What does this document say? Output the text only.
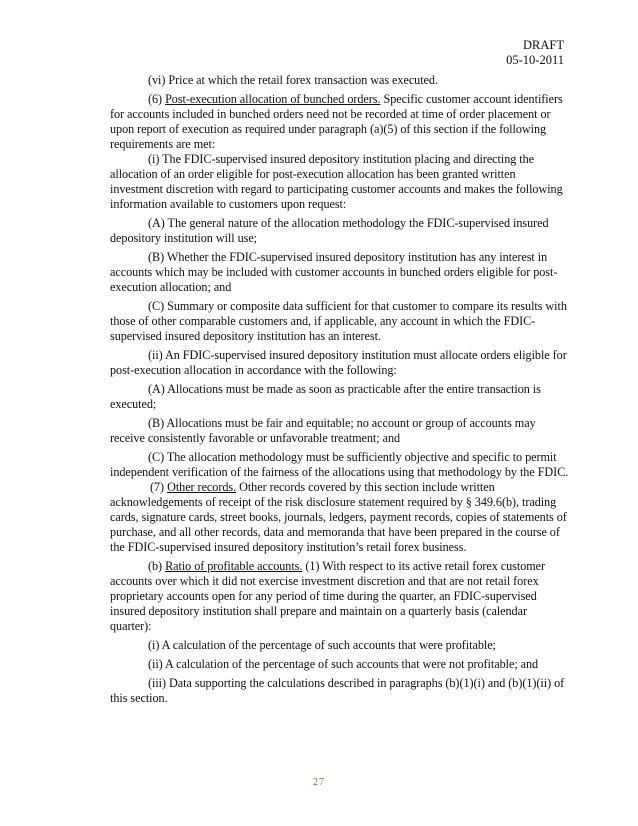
DRAFT
05-10-2011

(vi) Price at which the retail forex transaction was executed.

(6) Post-execution allocation of bunched orders. Specific customer account identifiers for accounts included in bunched orders need not be recorded at time of order placement or upon report of execution as required under paragraph (a)(5) of this section if the following requirements are met:

(i) The FDIC-supervised insured depository institution placing and directing the allocation of an order eligible for post-execution allocation has been granted written investment discretion with regard to participating customer accounts and makes the following information available to customers upon request:

(A) The general nature of the allocation methodology the FDIC-supervised insured depository institution will use;

(B) Whether the FDIC-supervised insured depository institution has any interest in accounts which may be included with customer accounts in bunched orders eligible for post-execution allocation; and

(C) Summary or composite data sufficient for that customer to compare its results with those of other comparable customers and, if applicable, any account in which the FDIC-supervised insured depository institution has an interest.

(ii) An FDIC-supervised insured depository institution must allocate orders eligible for post-execution allocation in accordance with the following:

(A) Allocations must be made as soon as practicable after the entire transaction is executed;

(B) Allocations must be fair and equitable; no account or group of accounts may receive consistently favorable or unfavorable treatment; and

(C) The allocation methodology must be sufficiently objective and specific to permit independent verification of the fairness of the allocations using that methodology by the FDIC.

(7) Other records. Other records covered by this section include written acknowledgements of receipt of the risk disclosure statement required by § 349.6(b), trading cards, signature cards, street books, journals, ledgers, payment records, copies of statements of purchase, and all other records, data and memoranda that have been prepared in the course of the FDIC-supervised insured depository institution’s retail forex business.

(b) Ratio of profitable accounts. (1) With respect to its active retail forex customer accounts over which it did not exercise investment discretion and that are not retail forex proprietary accounts open for any period of time during the quarter, an FDIC-supervised insured depository institution shall prepare and maintain on a quarterly basis (calendar quarter):

(i) A calculation of the percentage of such accounts that were profitable;

(ii) A calculation of the percentage of such accounts that were not profitable; and

(iii) Data supporting the calculations described in paragraphs (b)(1)(i) and (b)(1)(ii) of this section.

27
